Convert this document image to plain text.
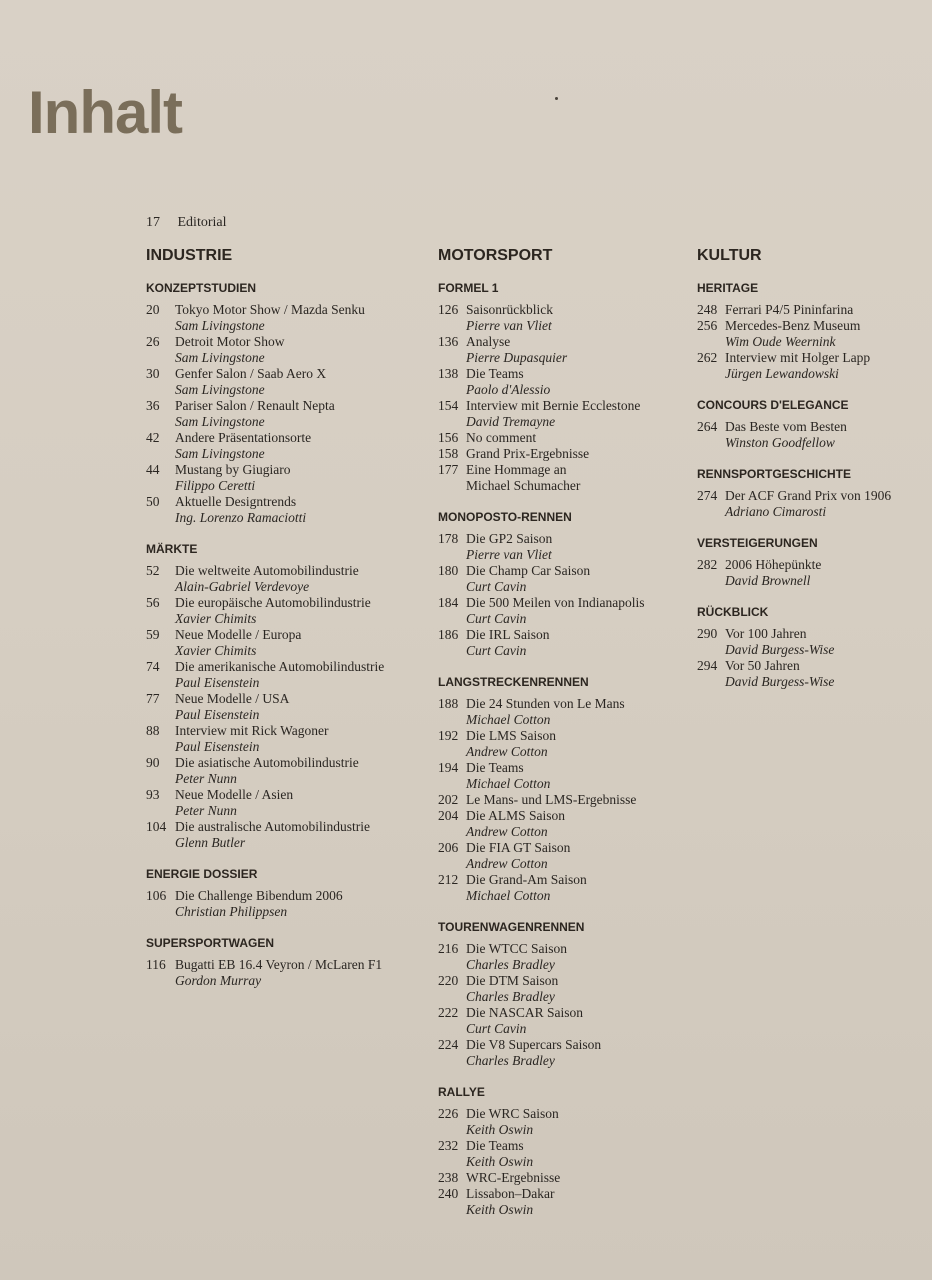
Inhalt
17 Editorial
INDUSTRIE
KONZEPTSTUDIEN
20	Tokyo Motor Show / Mazda Senku
Sam Livingstone
26	Detroit Motor Show
Sam Livingstone
30	Genfer Salon / Saab Aero X
Sam Livingstone
36	Pariser Salon / Renault Nepta
Sam Livingstone
42	Andere Präsentationsorte
Sam Livingstone
44	Mustang by Giugiaro
Filippo Ceretti
50	Aktuelle Designtrends
Ing. Lorenzo Ramaciotti
MÄRKTE
52	Die weltweite Automobilindustrie
Alain-Gabriel Verdevoye
56	Die europäische Automobilindustrie
Xavier Chimits
59	Neue Modelle / Europa
Xavier Chimits
74	Die amerikanische Automobilindustrie
Paul Eisenstein
77	Neue Modelle / USA
Paul Eisenstein
88	Interview mit Rick Wagoner
Paul Eisenstein
90	Die asiatische Automobilindustrie
Peter Nunn
93	Neue Modelle / Asien
Peter Nunn
104 Die australische Automobilindustrie
Glenn Butler
ENERGIE DOSSIER
106 Die Challenge Bibendum 2006
Christian Philippsen
SUPERSPORTWAGEN
116 Bugatti EB 16.4 Veyron / McLaren F1
Gordon Murray
MOTORSPORT
FORMEL 1
126 Saisonrückblick
Pierre van Vliet
136 Analyse
Pierre Dupasquier
138 Die Teams
Paolo d'Alessio
154 Interview mit Bernie Ecclestone
David Tremayne
156 No comment
158 Grand Prix-Ergebnisse
177 Eine Hommage an
Michael Schumacher
MONOPOSTO-RENNEN
178 Die GP2 Saison
Pierre van Vliet
180 Die Champ Car Saison
Curt Cavin
184 Die 500 Meilen von Indianapolis
Curt Cavin
186 Die IRL Saison
Curt Cavin
LANGSTRECKENRENNEN
188 Die 24 Stunden von Le Mans
Michael Cotton
192 Die LMS Saison
Andrew Cotton
194 Die Teams
Michael Cotton
202 Le Mans- und LMS-Ergebnisse
204 Die ALMS Saison
Andrew Cotton
206 Die FIA GT Saison
Andrew Cotton
212 Die Grand-Am Saison
Michael Cotton
TOURENWAGENRENNEN
216 Die WTCC Saison
Charles Bradley
220 Die DTM Saison
Charles Bradley
222 Die NASCAR Saison
Curt Cavin
224 Die V8 Supercars Saison
Charles Bradley
RALLYE
226 Die WRC Saison
Keith Oswin
232 Die Teams
Keith Oswin
238 WRC-Ergebnisse
240 Lissabon–Dakar
Keith Oswin
KULTUR
HERITAGE
248 Ferrari P4/5 Pininfarina
256 Mercedes-Benz Museum
Wim Oude Weernink
262 Interview mit Holger Lapp
Jürgen Lewandowski
CONCOURS D'ELEGANCE
264 Das Beste vom Besten
Winston Goodfellow
RENNSPORTGESCHICHTE
274 Der ACF Grand Prix von 1906
Adriano Cimarosti
VERSTEIGERUNGEN
282 2006 Höhepünkte
David Brownell
RÜCKBLICK
290 Vor 100 Jahren
David Burgess-Wise
294 Vor 50 Jahren
David Burgess-Wise
